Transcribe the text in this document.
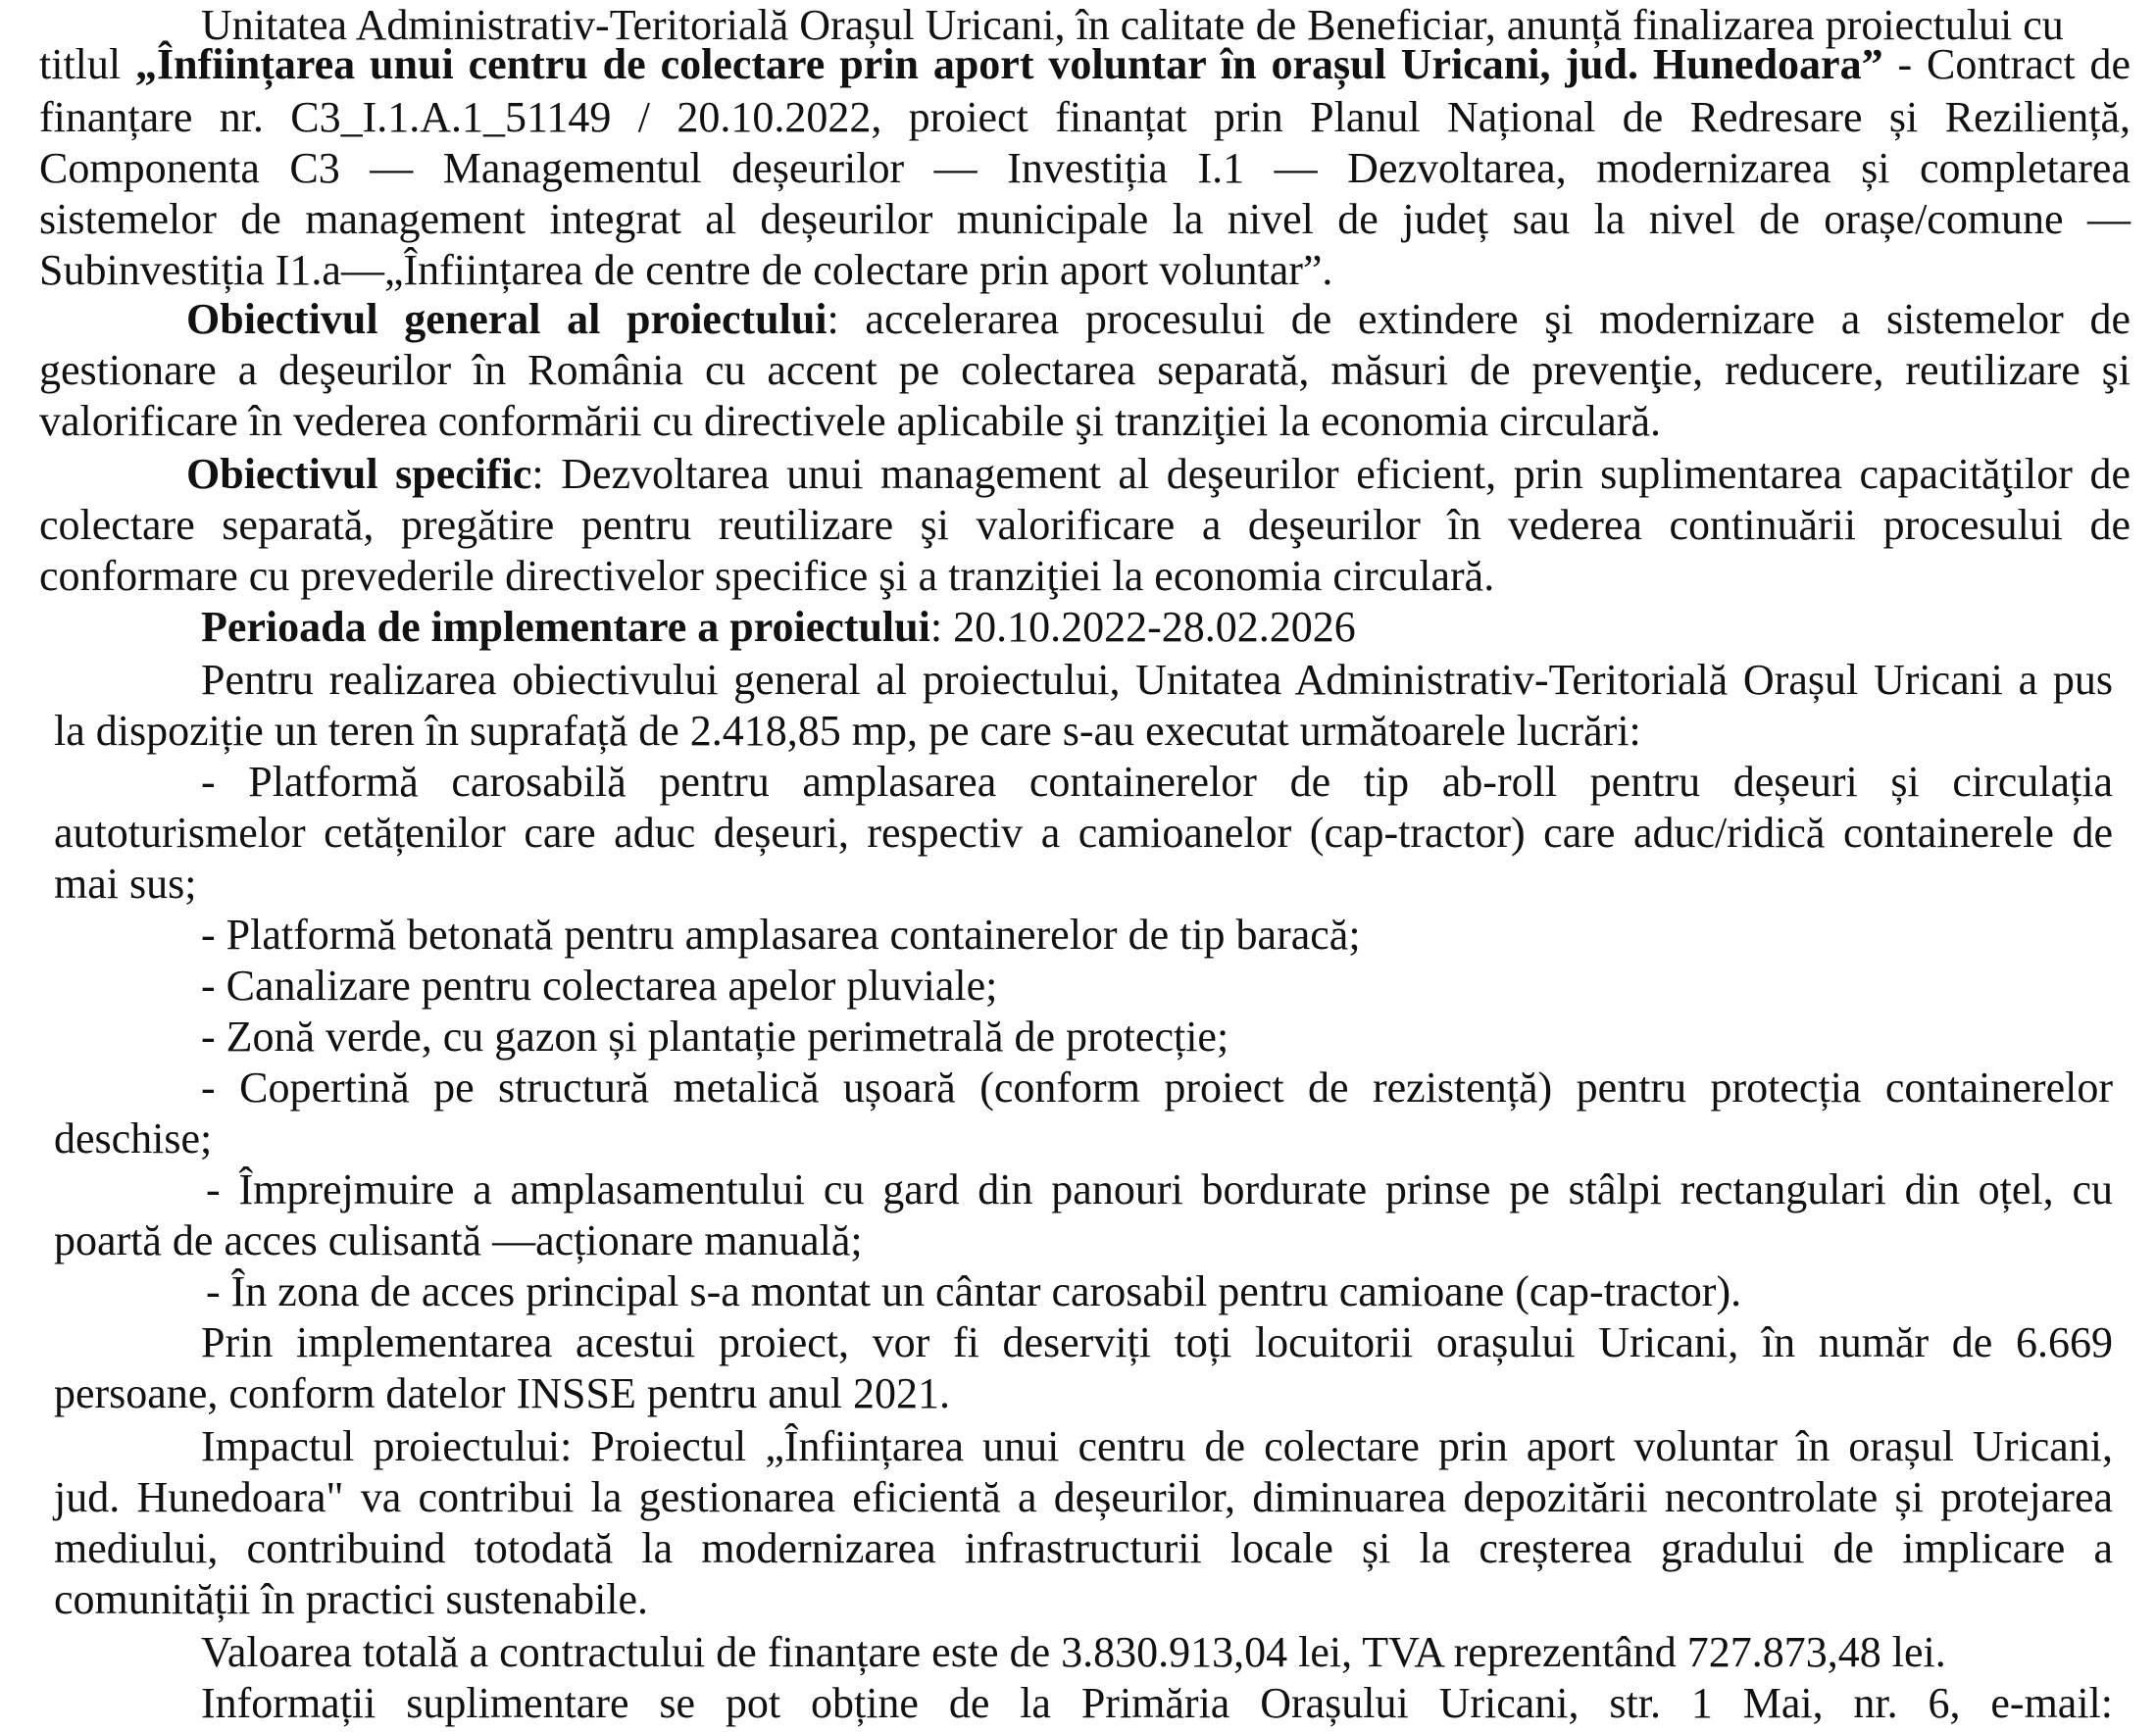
Unitatea Administrativ-Teritorială Orașul Uricani, în calitate de Beneficiar, anunță finalizarea proiectului cu
titlul „Înființarea unui centru de colectare prin aport voluntar în orașul Uricani, jud. Hunedoara” - Contract de
finanțare nr. C3_I.1.A.1_51149 / 20.10.2022, proiect finanțat prin Planul Național de Redresare și Reziliență,
Componenta C3 — Managementul deșeurilor — Investiția I.1 — Dezvoltarea, modernizarea și completarea
sistemelor de management integrat al deșeurilor municipale la nivel de județ sau la nivel de orașe/comune —
Subinvestiția I1.a—„Înființarea de centre de colectare prin aport voluntar”.
Obiectivul general al proiectului: accelerarea procesului de extindere şi modernizare a sistemelor de
gestionare a deşeurilor în România cu accent pe colectarea separată, măsuri de prevenţie, reducere, reutilizare şi
valorificare în vederea conformării cu directivele aplicabile şi tranziţiei la economia circulară.
Obiectivul specific: Dezvoltarea unui management al deşeurilor eficient, prin suplimentarea capacităţilor de
colectare separată, pregătire pentru reutilizare şi valorificare a deşeurilor în vederea continuării procesului de
conformare cu prevederile directivelor specifice şi a tranziţiei la economia circulară.
Perioada de implementare a proiectului: 20.10.2022-28.02.2026
Pentru realizarea obiectivului general al proiectului, Unitatea Administrativ-Teritorială Orașul Uricani a pus
la dispoziție un teren în suprafață de 2.418,85 mp, pe care s-au executat următoarele lucrări:
- Platformă carosabilă pentru amplasarea containerelor de tip ab-roll pentru deșeuri și circulația
autoturismelor cetățenilor care aduc deșeuri, respectiv a camioanelor (cap-tractor) care aduc/ridică containerele de
mai sus;
- Platformă betonată pentru amplasarea containerelor de tip baracă;
- Canalizare pentru colectarea apelor pluviale;
- Zonă verde, cu gazon și plantație perimetrală de protecție;
- Copertină pe structură metalică ușoară (conform proiect de rezistență) pentru protecția containerelor
deschise;
- Împrejmuire a amplasamentului cu gard din panouri bordurate prinse pe stâlpi rectangulari din oțel, cu
poartă de acces culisantă —acționare manuală;
- În zona de acces principal s-a montat un cântar carosabil pentru camioane (cap-tractor).
Prin implementarea acestui proiect, vor fi deserviți toți locuitorii orașului Uricani, în număr de 6.669
persoane, conform datelor INSSE pentru anul 2021.
Impactul proiectului: Proiectul „Înființarea unui centru de colectare prin aport voluntar în orașul Uricani,
jud. Hunedoara" va contribui la gestionarea eficientă a deșeurilor, diminuarea depozitării necontrolate și protejarea
mediului, contribuind totodată la modernizarea infrastructurii locale și la creșterea gradului de implicare a
comunității în practici sustenabile.
Valoarea totală a contractului de finanțare este de 3.830.913,04 lei, TVA reprezentând 727.873,48 lei.
Informații suplimentare se pot obține de la Primăria Orașului Uricani, str. 1 Mai, nr. 6, e-mail:
